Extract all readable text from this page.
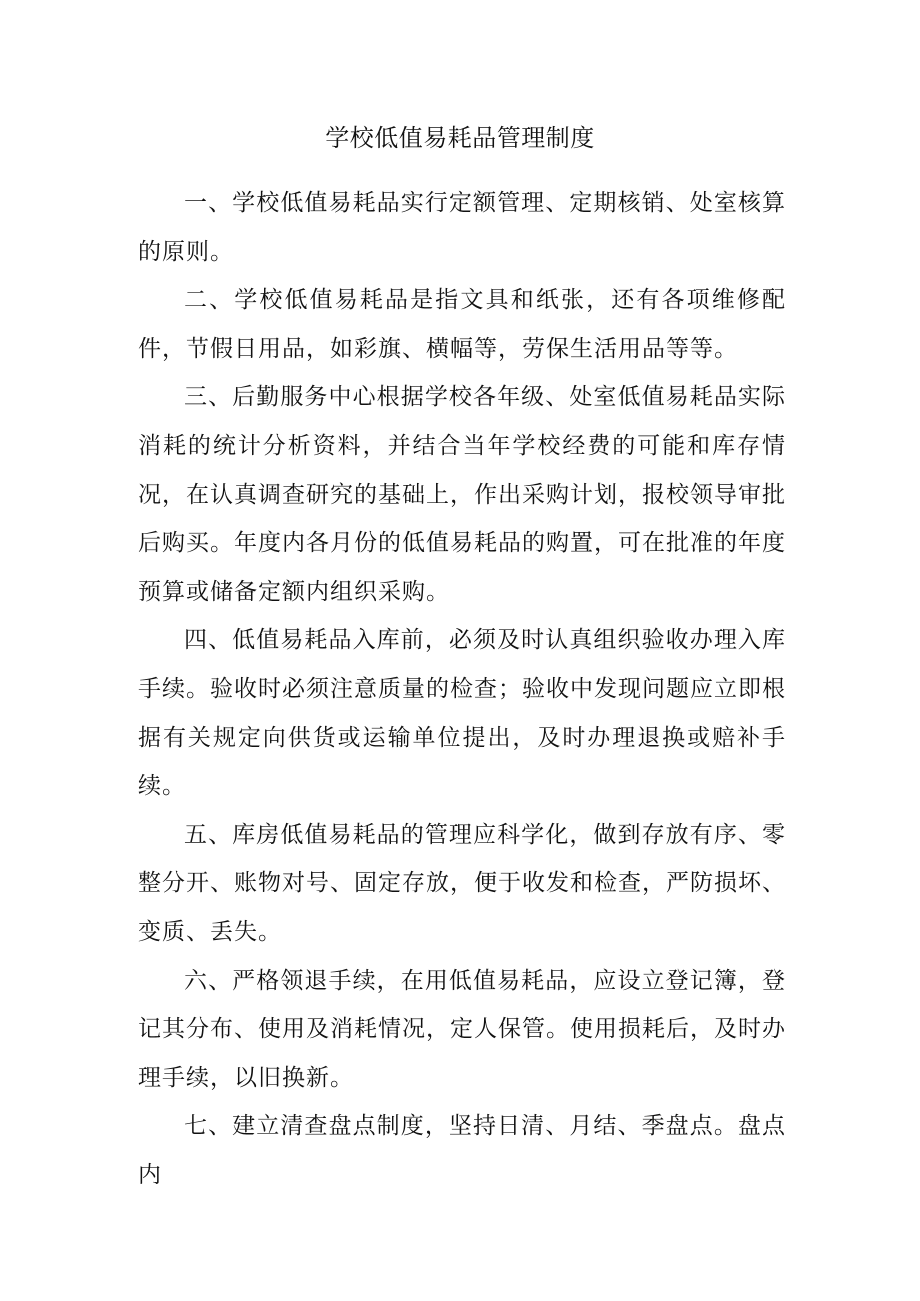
学校低值易耗品管理制度

一、学校低值易耗品实行定额管理、定期核销、处室核算的原则。

二、学校低值易耗品是指文具和纸张，还有各项维修配件，节假日用品，如彩旗、横幅等，劳保生活用品等等。

三、后勤服务中心根据学校各年级、处室低值易耗品实际消耗的统计分析资料，并结合当年学校经费的可能和库存情况，在认真调查研究的基础上，作出采购计划，报校领导审批后购买。年度内各月份的低值易耗品的购置，可在批准的年度预算或储备定额内组织采购。

四、低值易耗品入库前，必须及时认真组织验收办理入库手续。验收时必须注意质量的检查；验收中发现问题应立即根据有关规定向供货或运输单位提出，及时办理退换或赔补手续。

五、库房低值易耗品的管理应科学化，做到存放有序、零整分开、账物对号、固定存放，便于收发和检查，严防损坏、变质、丢失。

六、严格领退手续，在用低值易耗品，应设立登记簿，登记其分布、使用及消耗情况，定人保管。使用损耗后，及时办理手续，以旧换新。

七、建立清查盘点制度，坚持日清、月结、季盘点。盘点内
